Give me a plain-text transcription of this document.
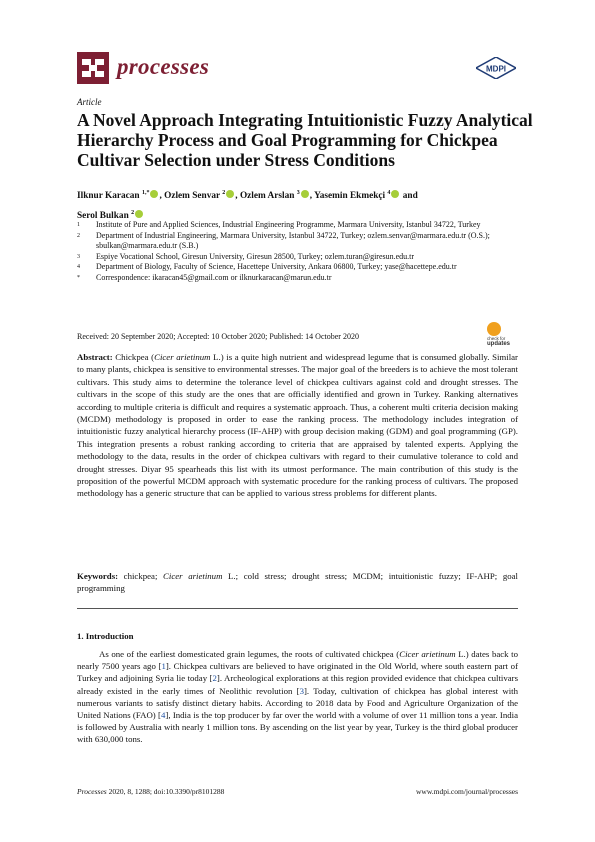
processes	MDPI
Article
A Novel Approach Integrating Intuitionistic Fuzzy Analytical Hierarchy Process and Goal Programming for Chickpea Cultivar Selection under Stress Conditions
Ilknur Karacan $^{1,*}$ , Ozlem Senvar $^2$ , Ozlem Arslan $^3$ , Yasemin Ekmekçi $^4$ and
Serol Bulkan $^2$
1	Institute of Pure and Applied Sciences, Industrial Engineering Programme, Marmara University, Istanbul 34722, Turkey
2	Department of Industrial Engineering, Marmara University, Istanbul 34722, Turkey; ozlem.senvar@marmara.edu.tr (O.S.); sbulkan@marmara.edu.tr (S.B.)
3	Espiye Vocational School, Giresun University, Giresun 28500, Turkey; ozlem.turan@giresun.edu.tr
4	Department of Biology, Faculty of Science, Hacettepe University, Ankara 06800, Turkey; yase@hacettepe.edu.tr
*	Correspondence: ikaracan45@gmail.com or ilknurkaracan@marun.edu.tr
Received: 20 September 2020; Accepted: 10 October 2020; Published: 14 October 2020	check for
updates
Abstract: Chickpea (Cicer arietinum L.) is a quite high nutrient and widespread legume that is consumed globally. Similar to many plants, chickpea is sensitive to environmental stresses. The major goal of the breeders is to achieve the most tolerant cultivars. This study aims to determine the tolerance level of chickpea cultivars against cold and drought stresses. The cultivars in the scope of this study are the ones that are officially identified and grown in Turkey. Ranking alternatives according to multiple criteria is difficult and requires a systematic approach. Thus, a coherent multi criteria decision making (MCDM) methodology is proposed in order to ease the ranking process. The methodology includes integration of intuitionistic fuzzy analytical hierarchy process (IF-AHP) with group decision making (GDM) and goal programming (GP). This integration presents a robust ranking according to criteria that are appraised by talented experts. Applying the methodology to the data, results in the order of chickpea cultivars with regard to their cumulative tolerance to cold and drought stresses. Diyar 95 spearheads this list with its utmost performance. The main contribution of this study is the proposition of the powerful MCDM approach with systematic procedure for the ranking process of cultivars. The proposed methodology has a generic structure that can be applied to various stress problems for different plants.
Keywords: chickpea; Cicer arietinum L.; cold stress; drought stress; MCDM; intuitionistic fuzzy; IF-AHP; goal programming
1. Introduction
As one of the earliest domesticated grain legumes, the roots of cultivated chickpea (Cicer arietinum L.) dates back to nearly 7500 years ago [1]. Chickpea cultivars are believed to have originated in the Old World, where south eastern part of Turkey and adjoining Syria lie today [2]. Archeological explorations at this region provided evidence that chickpea cultivars already existed in the early times of Neolithic revolution [3]. Today, cultivation of chickpea has global interest with numerous variants to satisfy distinct dietary habits. According to 2018 data by Food and Agriculture Organization of the United Nations (FAO) [4], India is the top producer by far over the world with a volume of over 11 million tons a year. India is followed by Australia with nearly 1 million tons. By ascending on the list year by year, Turkey is the third global producer with 630,000 tons.
Processes 2020, 8, 1288; doi:10.3390/pr8101288	www.mdpi.com/journal/processes
